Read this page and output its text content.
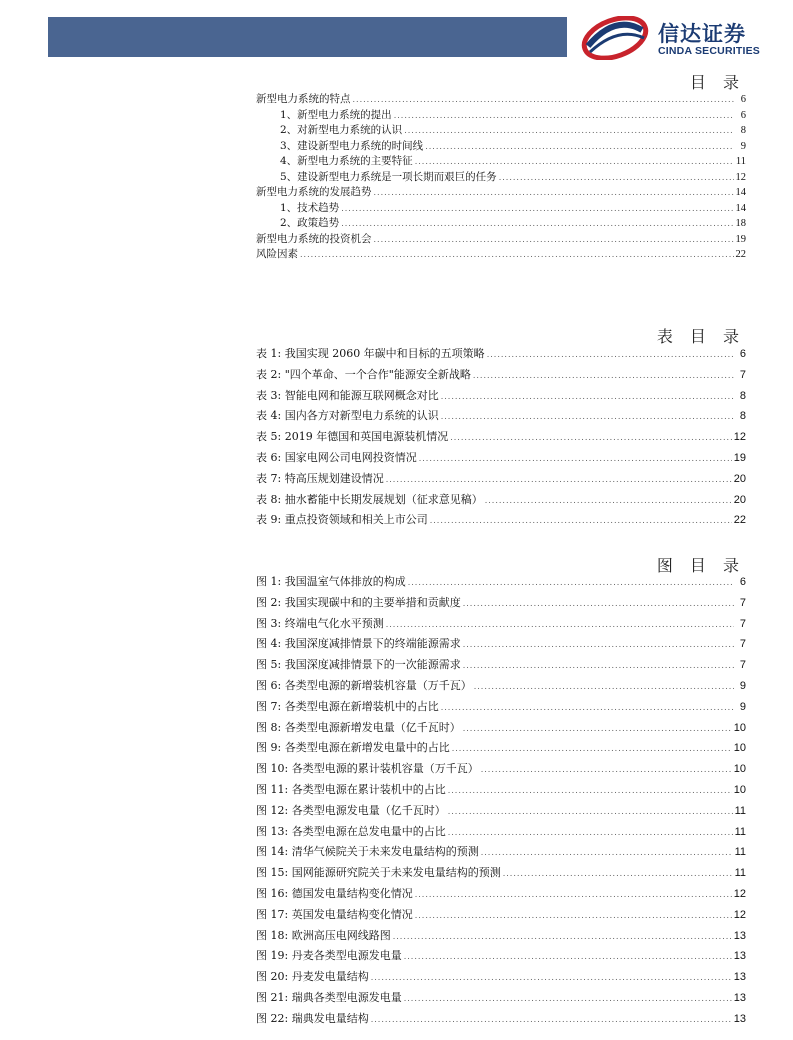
信达证券
CINDA SECURITIES
目 录
新型电力系统的特点 .....	6
1、新型电力系统的提出 .....	6
2、对新型电力系统的认识 .....	8
3、建设新型电力系统的时间线 .....	9
4、新型电力系统的主要特征 .....	11
5、建设新型电力系统是一项长期而艰巨的任务 .....	12
新型电力系统的发展趋势 .....	14
1、技术趋势 .....	14
2、政策趋势 .....	18
新型电力系统的投资机会 .....	19
风险因素 .....	22
表 目 录
表 1: 我国实现 2060 年碳中和目标的五项策略 .....	6
表 2: "四个革命、一个合作"能源安全新战略 .....	7
表 3: 智能电网和能源互联网概念对比 .....	8
表 4: 国内各方对新型电力系统的认识 .....	8
表 5: 2019 年德国和英国电源装机情况 .....	12
表 6: 国家电网公司电网投资情况 .....	19
表 7: 特高压规划建设情况 .....	20
表 8: 抽水蓄能中长期发展规划（征求意见稿） .....	20
表 9: 重点投资领域和相关上市公司 .....	22
图 目 录
图 1: 我国温室气体排放的构成 .....	6
图 2: 我国实现碳中和的主要举措和贡献度 .....	7
图 3: 终端电气化水平预测 .....	7
图 4: 我国深度减排情景下的终端能源需求 .....	7
图 5: 我国深度减排情景下的一次能源需求 .....	7
图 6: 各类型电源的新增装机容量（万千瓦） .....	9
图 7: 各类型电源在新增装机中的占比 .....	9
图 8: 各类型电源新增发电量（亿千瓦时） .....	10
图 9: 各类型电源在新增发电量中的占比 .....	10
图 10: 各类型电源的累计装机容量（万千瓦） .....	10
图 11: 各类型电源在累计装机中的占比 .....	10
图 12: 各类型电源发电量（亿千瓦时） .....	11
图 13: 各类型电源在总发电量中的占比 .....	11
图 14: 清华气候院关于未来发电量结构的预测 .....	11
图 15: 国网能源研究院关于未来发电量结构的预测 .....	11
图 16: 德国发电量结构变化情况 .....	12
图 17: 英国发电量结构变化情况 .....	12
图 18: 欧洲高压电网线路图 .....	13
图 19: 丹麦各类型电源发电量 .....	13
图 20: 丹麦发电量结构 .....	13
图 21: 瑞典各类型电源发电量 .....	13
图 22: 瑞典发电量结构 .....	13
